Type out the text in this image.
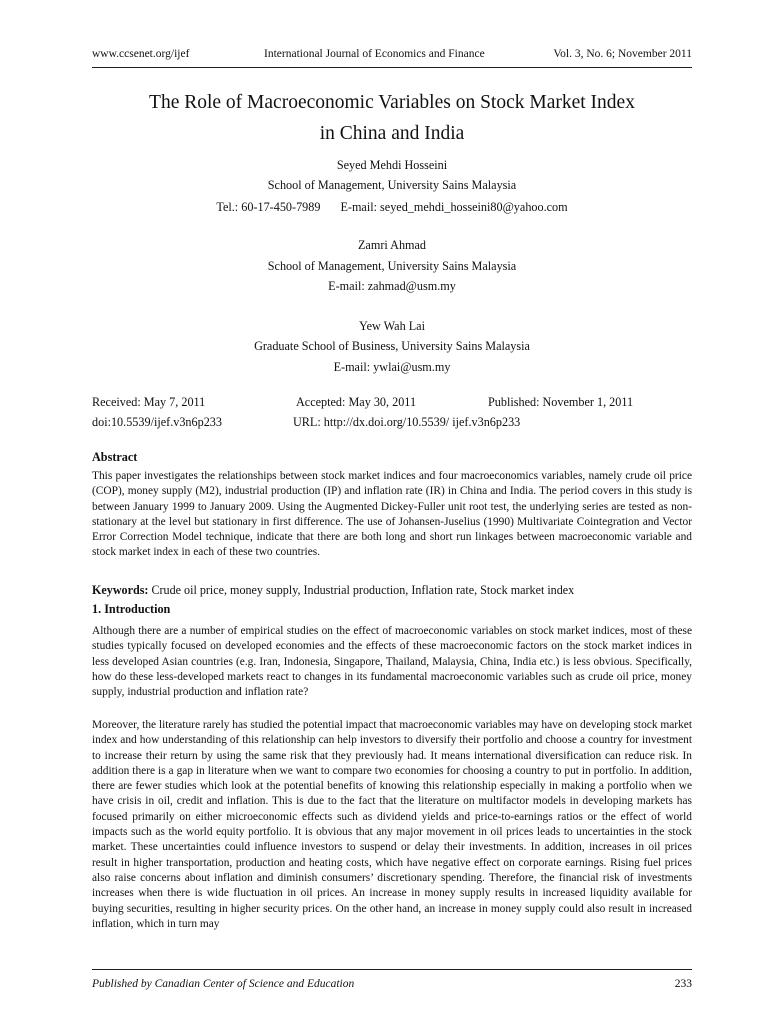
www.ccsenet.org/ijef	International Journal of Economics and Finance	Vol. 3, No. 6; November 2011
The Role of Macroeconomic Variables on Stock Market Index
in China and India
Seyed Mehdi Hosseini
School of Management, University Sains Malaysia
Tel.: 60-17-450-7989 E-mail: seyed_mehdi_hosseini80@yahoo.com
Zamri Ahmad
School of Management, University Sains Malaysia
E-mail: zahmad@usm.my
Yew Wah Lai
Graduate School of Business, University Sains Malaysia
E-mail: ywlai@usm.my
Received: May 7, 2011	Accepted: May 30, 2011	Published: November 1, 2011
doi:10.5539/ijef.v3n6p233	URL: http://dx.doi.org/10.5539/ ijef.v3n6p233
Abstract

This paper investigates the relationships between stock market indices and four macroeconomics variables, namely crude oil price (COP), money supply (M2), industrial production (IP) and inflation rate (IR) in China and India. The period covers in this study is between January 1999 to January 2009. Using the Augmented Dickey-Fuller unit root test, the underlying series are tested as non-stationary at the level but stationary in first difference. The use of Johansen-Juselius (1990) Multivariate Cointegration and Vector Error Correction Model technique, indicate that there are both long and short run linkages between macroeconomic variable and stock market index in each of these two countries.

Keywords: Crude oil price, money supply, Industrial production, Inflation rate, Stock market index
1. Introduction

Although there are a number of empirical studies on the effect of macroeconomic variables on stock market indices, most of these studies typically focused on developed economies and the effects of these macroeconomic factors on the stock market indices in less developed Asian countries (e.g. Iran, Indonesia, Singapore, Thailand, Malaysia, China, India etc.) is less obvious. Specifically, how do these less-developed markets react to changes in its fundamental macroeconomic variables such as crude oil price, money supply, industrial production and inflation rate?

Moreover, the literature rarely has studied the potential impact that macroeconomic variables may have on developing stock market index and how understanding of this relationship can help investors to diversify their portfolio and choose a country for investment to increase their return by using the same risk that they previously had. It means international diversification can reduce risk. In addition there is a gap in literature when we want to compare two economies for choosing a country to put in portfolio. In addition, there are fewer studies which look at the potential benefits of knowing this relationship especially in making a portfolio when we have crisis in oil, credit and inflation. This is due to the fact that the literature on multifactor models in developing markets has focused primarily on either microeconomic effects such as dividend yields and price-to-earnings ratios or the effect of world impacts such as the world equity portfolio. It is obvious that any major movement in oil prices leads to uncertainties in the stock market. These uncertainties could influence investors to suspend or delay their investments. In addition, increases in oil prices result in higher transportation, production and heating costs, which have negative effect on corporate earnings. Rising fuel prices also raise concerns about inflation and diminish consumers’ discretionary spending. Therefore, the financial risk of investments increases when there is wide fluctuation in oil prices. An increase in money supply results in increased liquidity available for buying securities, resulting in higher security prices. On the other hand, an increase in money supply could also result in increased inflation, which in turn may

Published by Canadian Center of Science and Education	233
